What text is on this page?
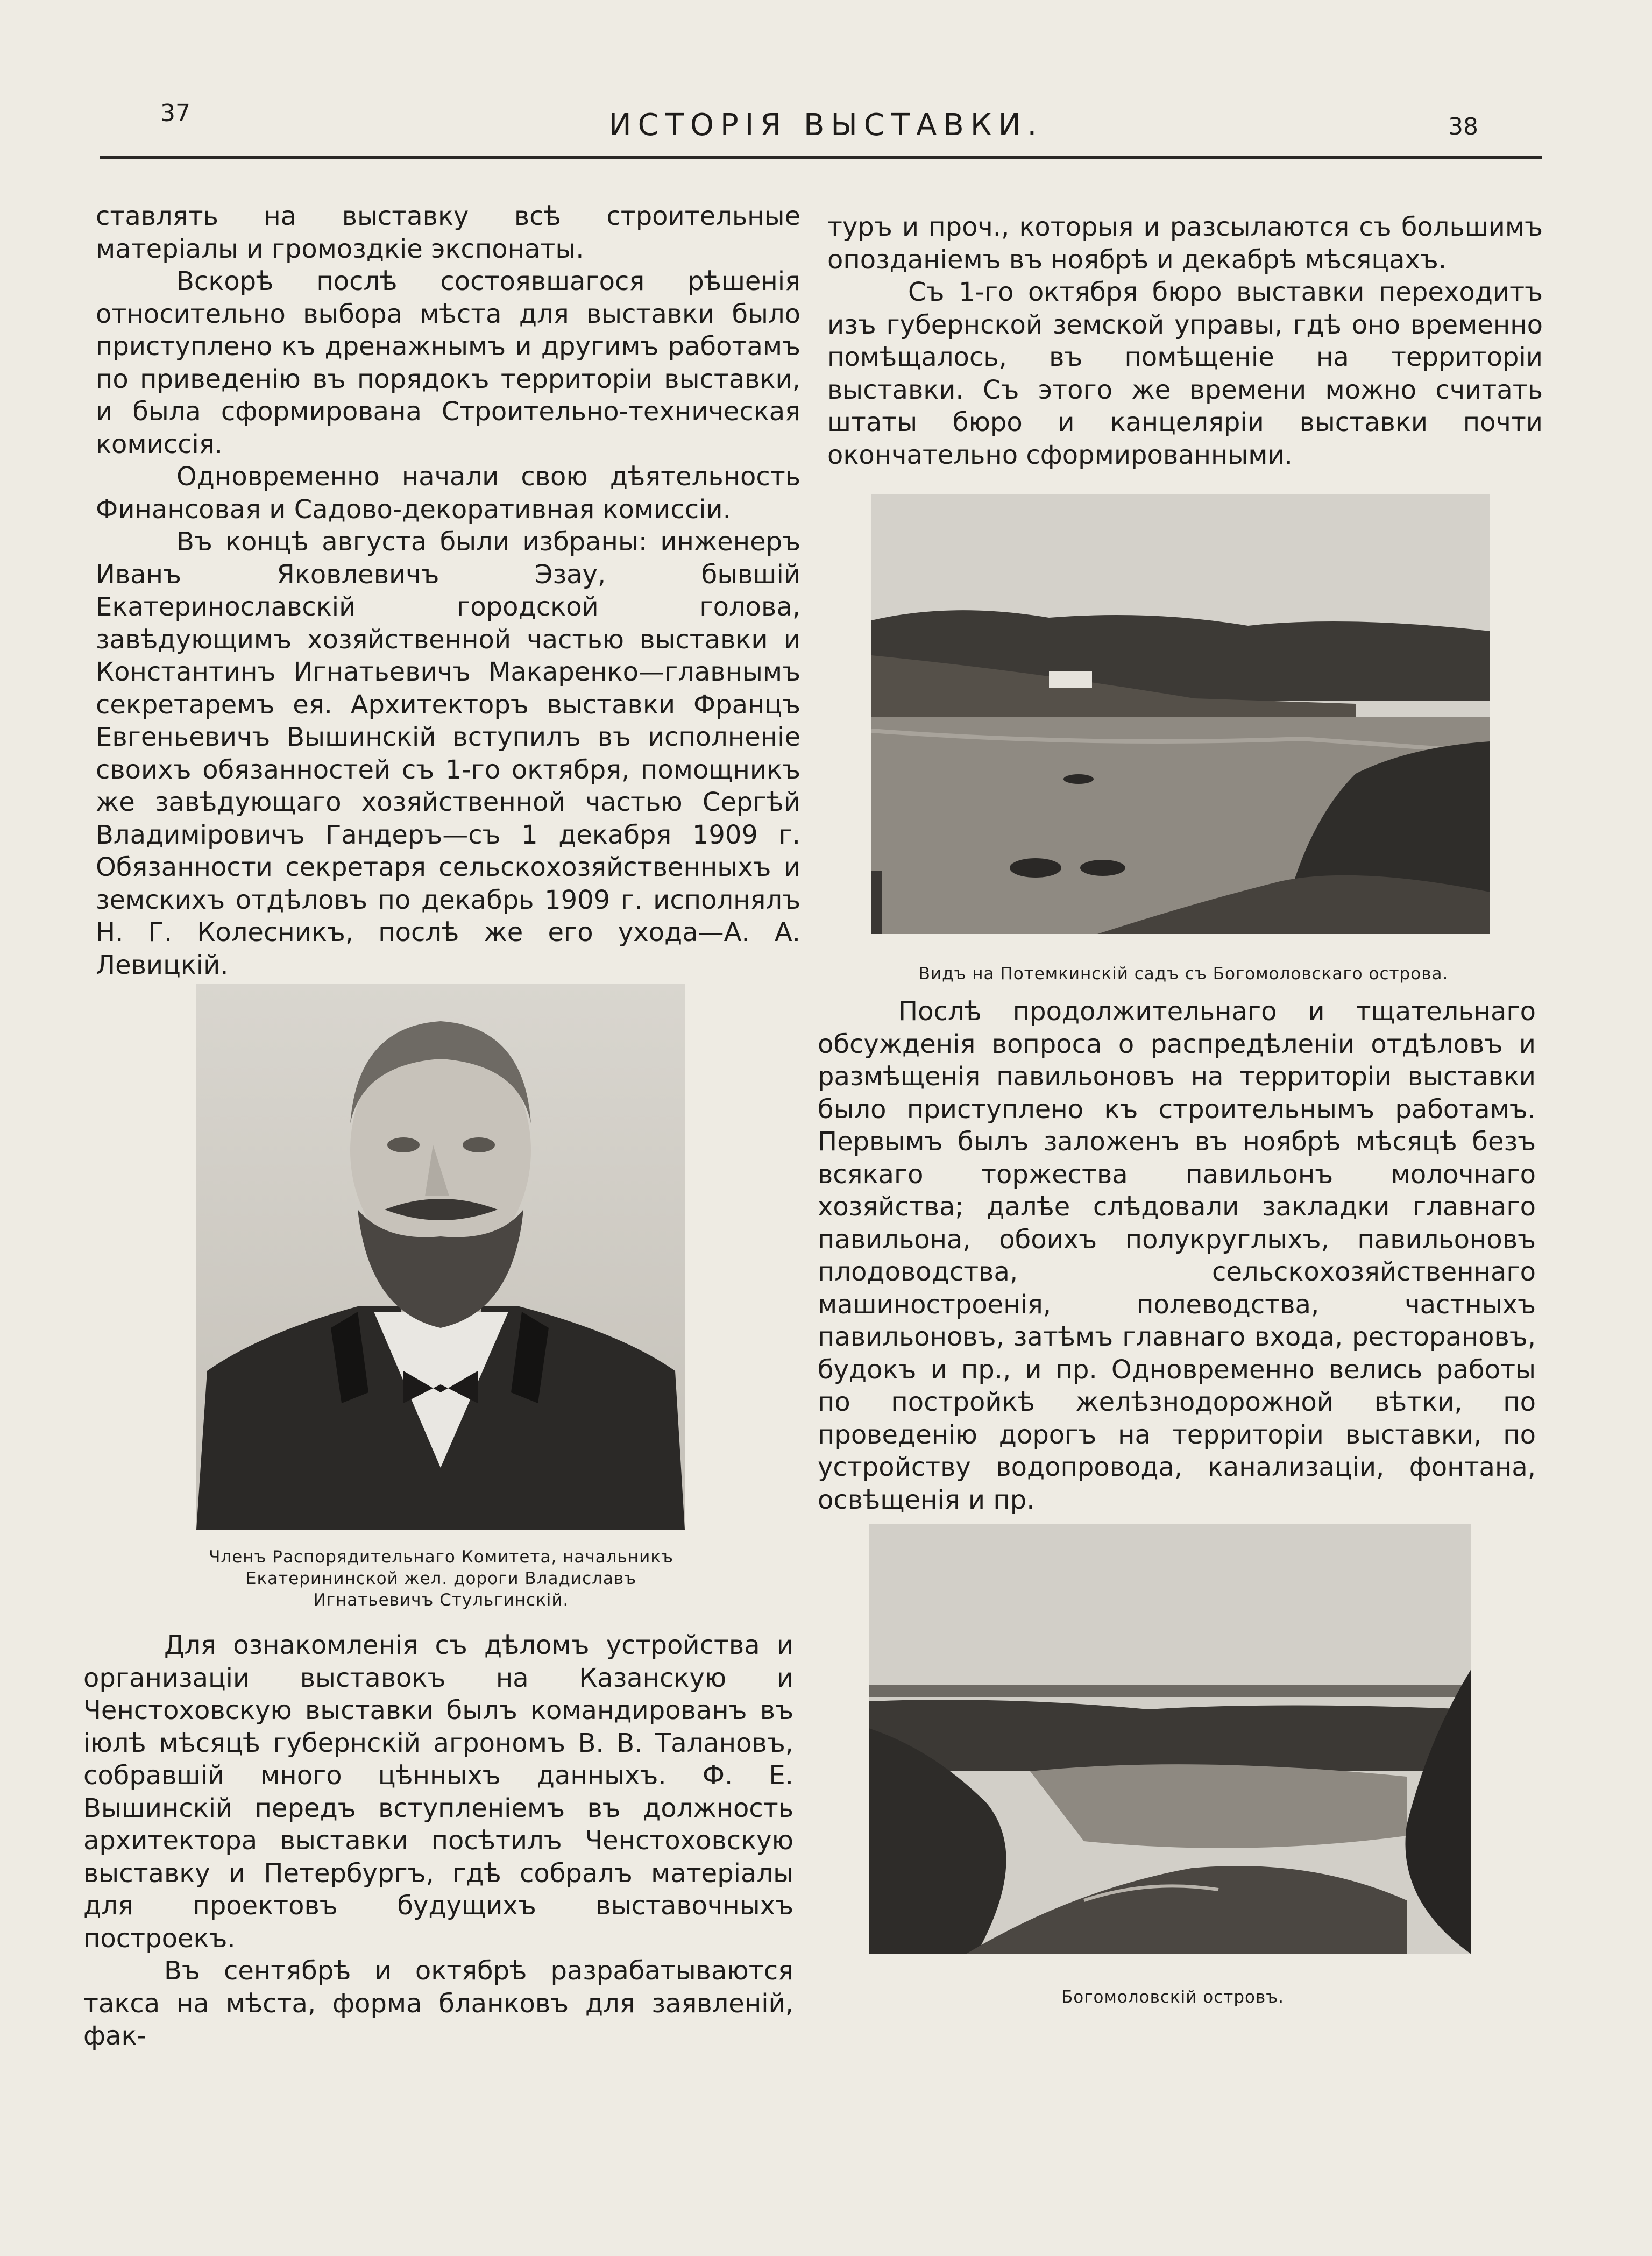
37	ИСТОРІЯ ВЫСТАВКИ.	38

ставлять на выставку всѣ строительные матеріалы и громоздкіе экспонаты.

Вскорѣ послѣ состоявшагося рѣшенія относительно выбора мѣста для выставки было приступлено къ дренажнымъ и другимъ работамъ по приведенію въ порядокъ территоріи выставки, и была сформирована Строительно-техническая комиссія.

Одновременно начали свою дѣятельность Финансовая и Садово-декоративная комиссіи.

Въ концѣ августа были избраны: инженеръ Иванъ Яковлевичъ Эзау, бывшій Екатеринославскій городской голова, завѣдующимъ хозяйственной частью выставки и Константинъ Игнатьевичъ Макаренко—главнымъ секретаремъ ея. Архитекторъ выставки Францъ Евгеньевичъ Вышинскій вступилъ въ исполненіе своихъ обязанностей съ 1-го октября, помощникъ же завѣдующаго хозяйственной частью Сергѣй Владиміровичъ Гандеръ—съ 1 декабря 1909 г. Обязанности секретаря сельскохозяйственныхъ и земскихъ отдѣловъ по декабрь 1909 г. исполнялъ Н. Г. Колесникъ, послѣ же его ухода—А. А. Левицкій.

Членъ Распорядительнаго Комитета, начальникъ
Екатерининской жел. дороги Владиславъ
Игнатьевичъ Стульгинскій.

Для ознакомленія съ дѣломъ устройства и организаціи выставокъ на Казанскую и Ченстоховскую выставки былъ командированъ въ іюлѣ мѣсяцѣ губернскій агрономъ В. В. Талановъ, собравшій много цѣнныхъ данныхъ. Ф. Е. Вышинскій передъ вступленіемъ въ должность архитектора выставки посѣтилъ Ченстоховскую выставку и Петербургъ, гдѣ собралъ матеріалы для проектовъ будущихъ выставочныхъ построекъ.

Въ сентябрѣ и октябрѣ разрабатываются такса на мѣста, форма бланковъ для заявленій, фак-

туръ и проч., которыя и разсылаются съ большимъ опозданіемъ въ ноябрѣ и декабрѣ мѣсяцахъ.

Съ 1-го октября бюро выставки переходитъ изъ губернской земской управы, гдѣ оно временно помѣщалось, въ помѣщеніе на территоріи выставки. Съ этого же времени можно считать штаты бюро и канцеляріи выставки почти окончательно сформированными.

Видъ на Потемкинскій садъ съ Богомоловскаго острова.

Послѣ продолжительнаго и тщательнаго обсужденія вопроса о распредѣленіи отдѣловъ и размѣщенія павильоновъ на территоріи выставки было приступлено къ строительнымъ работамъ. Первымъ былъ заложенъ въ ноябрѣ мѣсяцѣ безъ всякаго торжества павильонъ молочнаго хозяйства; далѣе слѣдовали закладки главнаго павильона, обоихъ полукруглыхъ, павильоновъ плодоводства, сельскохозяйственнаго машиностроенія, полеводства, частныхъ павильоновъ, затѣмъ главнаго входа, ресторановъ, будокъ и пр., и пр. Одновременно велись работы по постройкѣ желѣзнодорожной вѣтки, по проведенію дорогъ на территоріи выставки, по устройству водопровода, канализаціи, фонтана, освѣщенія и пр.

Богомоловскій островъ.
